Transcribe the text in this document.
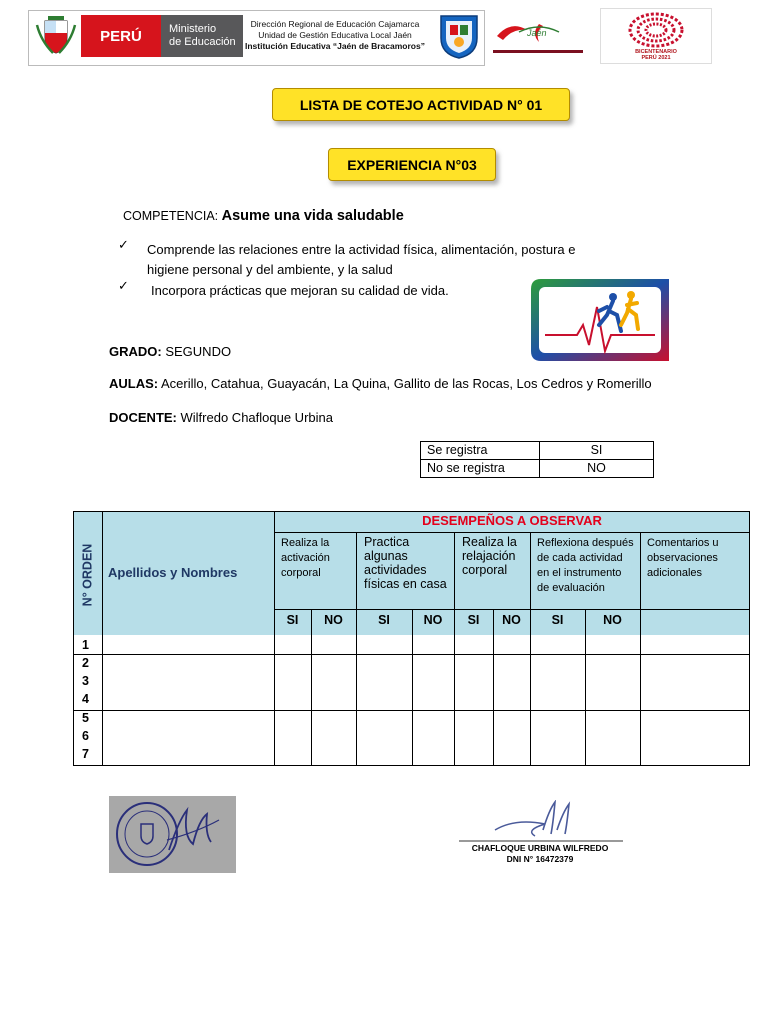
PERÚ	Ministerio
de Educación
Dirección Regional de Educación Cajamarca
Unidad de Gestión Educativa Local Jaén
Institución Educativa “Jaén de Bracamoros”
Jaén
BICENTENARIO
PERÚ 2021
LISTA DE COTEJO ACTIVIDAD N° 01
EXPERIENCIA N°03
COMPETENCIA: Asume una vida saludable
✓ Comprende las relaciones entre la actividad física, alimentación, postura e
higiene personal y del ambiente, y la salud
✓ Incorpora prácticas que mejoran su calidad de vida.
GRADO: SEGUNDO
AULAS: Acerillo, Catahua, Guayacán, La Quina, Gallito de las Rocas, Los Cedros y Romerillo
DOCENTE: Wilfredo Chafloque Urbina
Se registra	SI
No se registra	NO
N° ORDEN Apellidos y Nombres
DESEMPEÑOS A OBSERVAR
Realiza la activación corporal
Practica algunas actividades físicas en casa
Realiza la relajación corporal
Reflexiona después de cada actividad en el instrumento de evaluación
Comentarios u observaciones adicionales
SI	NO	SI	NO	SI	NO	SI	NO
1
2
3
4
5
6
7
CHAFLOQUE URBINA WILFREDO
DNI N° 16472379
